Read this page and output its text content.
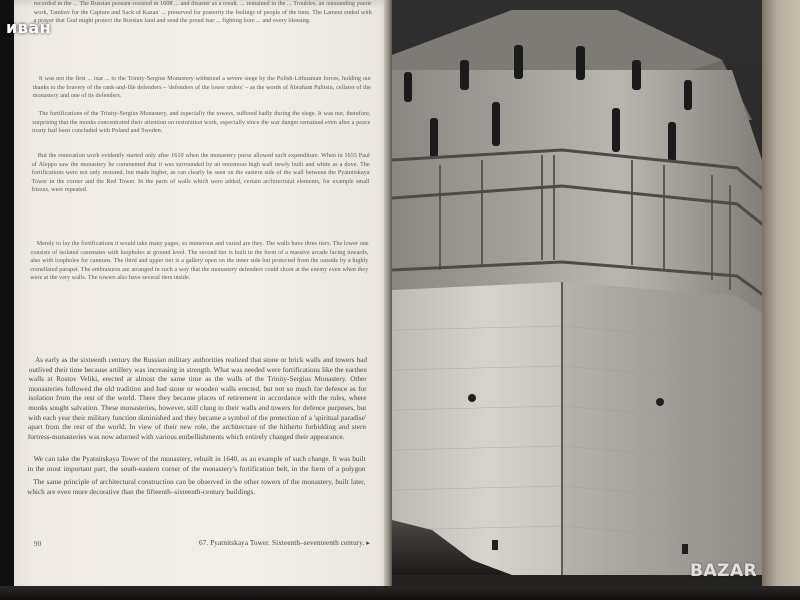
recorded in the ... The Russian peasant-resisted in 1608 ... and disaster as a result. ... remained in the ... Troubles, an outstanding poetic work, Tambov for the Capture and Sack of Kazan' ... preserved for posterity the feelings of people of the time. The Lament ended with a prayer that God might protect the Russian land and send the proud tsar ... fighting bore ... and every blessing.

It was not the first ... tsar ... to the Trinity-Sergius Monastery withstood a severe siege by the Polish-Lithuanian forces, holding out thanks to the bravery of the rank-and-file defenders – 'defenders of the lower orders' – as the words of Abraham Palitsin, cellarer of the monastery and one of its defenders.

The fortifications of the Trinity-Sergius Monastery, and especially the towers, suffered badly during the siege. It was not, therefore, surprising that the monks concentrated their attention on restoration work, especially since the war danger remained even after a peace treaty had been concluded with Poland and Sweden.

But the restoration work evidently started only after 1610 when the monastery purse allowed such expenditure. When in 1655 Paul of Aleppo saw the monastery he commented that it was surrounded by an enormous high wall newly built and white as a dove. The fortifications were not only restored, but made higher, as can clearly be seen on the eastern side of the wall between the Pyatnitskaya Tower in the corner and the Red Tower. In the parts of walls which were added, certain architectural elements, for example small friezes, were repeated.

Merely to lay the fortifications it would take many pages, so numerous and varied are they. The walls have three tiers. The lower one consists of isolated casemates with loopholes at ground level. The second tier is built in the form of a massive arcade facing inwards, also with loopholes for cannons. The third and upper tier is a gallery open on the inner side but protected from the outside by a highly crenellated parapet. The embrasures are arranged in such a way that the monastery defenders could shoot at the enemy even when they were at the very walls. The towers also have several tiers inside.

As early as the sixteenth century the Russian military authorities realized that stone or brick walls and towers had outlived their time because artillery was increasing in strength. What was needed were fortifications like the earthen walls at Rostov Veliki, erected at almost the same time as the walls of the Trinity-Sergius Monastery. Other monasteries followed the old tradition and had stone or wooden walls erected, but not so much for defence as for isolation from the rest of the world. There they became places of retirement in accordance with the rules, where monks sought salvation. These monasteries, however, still clung to their walls and towers for defence purposes, but with each year their military function diminished and they became a symbol of the protection of a 'spiritual paradise' apart from the rest of the world. In view of their new role, the architecture of the hitherto forbidding and stern fortress-monasteries was now adorned with various embellishments which entirely changed their appearance.

We can take the Pyatnitskaya Tower of the monastery, rebuilt in 1640, as an example of such change. It was built in the most important part, the south-eastern corner of the monastery's fortification belt, in the form of a polygon

The same principle of architectural construction can be observed in the other towers of the monastery, built later, which are even more decorative than the fifteenth–sixteenth-century buildings.

90	67. Pyatnitskaya Tower. Sixteenth–seventeenth century. ▸
иван
BAZAR
